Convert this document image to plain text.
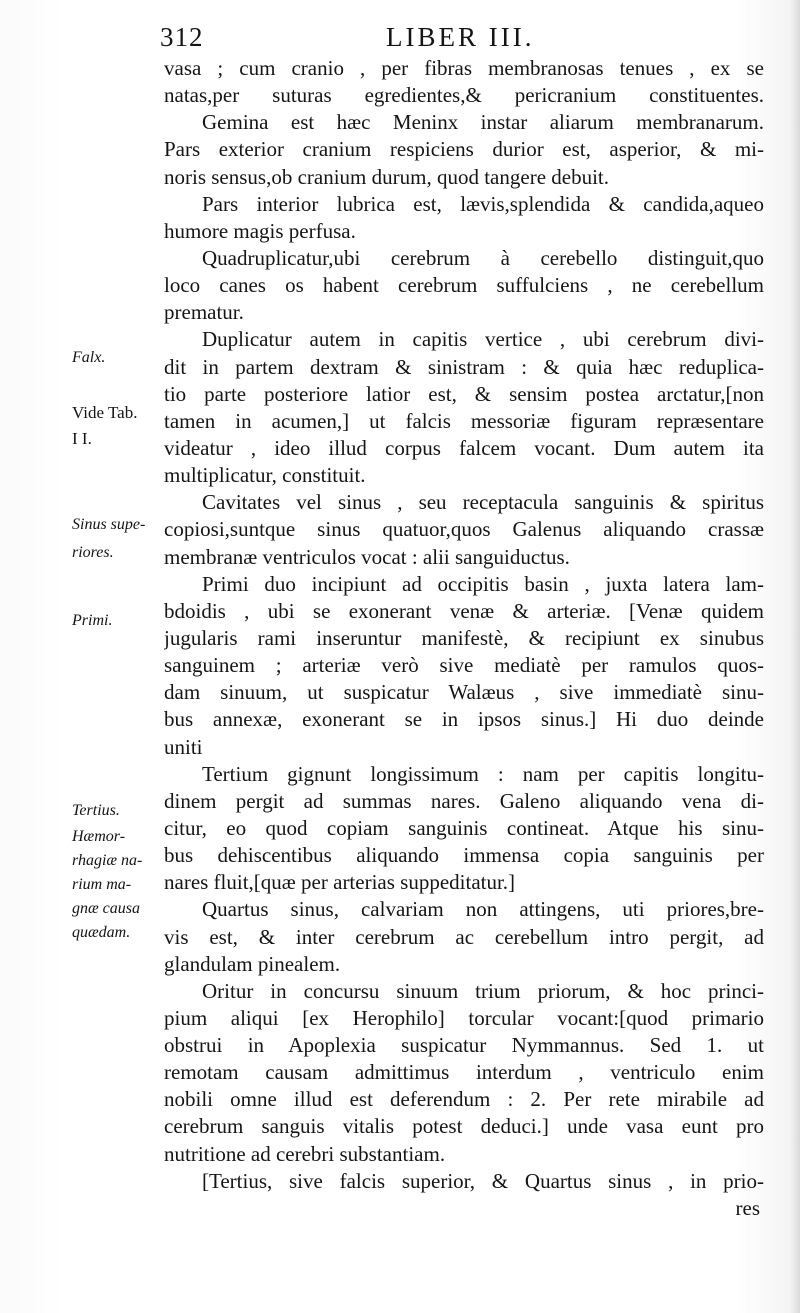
312	LIBER III.
Falx.
Vide Tab.
I I.
Sinus supe-
riores.
Primi.
Tertius.
Hæmor-
rhagiæ na-
rium ma-
gnæ causa
quædam.
vasa ; cum cranio , per fibras membranosas tenues , ex se
natas,per suturas egredientes,& pericranium constituentes.
Gemina est hæc Meninx instar aliarum membranarum.
Pars exterior cranium respiciens durior est, asperior, & mi-
noris sensus,ob cranium durum, quod tangere debuit.
Pars interior lubrica est, lævis,splendida & candida,aqueo
humore magis perfusa.
Quadruplicatur,ubi cerebrum à cerebello distinguit,quo
loco canes os habent cerebrum suffulciens , ne cerebellum
prematur.
Duplicatur autem in capitis vertice , ubi cerebrum divi-
dit in partem dextram & sinistram : & quia hæc reduplica-
tio parte posteriore latior est, & sensim postea arctatur,[non
tamen in acumen,] ut falcis messoriæ figuram repræsentare
videatur , ideo illud corpus falcem vocant. Dum autem ita
multiplicatur, constituit.
Cavitates vel sinus , seu receptacula sanguinis & spiritus
copiosi,suntque sinus quatuor,quos Galenus aliquando crassæ
membranæ ventriculos vocat : alii sanguiductus.
Primi duo incipiunt ad occipitis basin , juxta latera lam-
bdoidis , ubi se exonerant venæ & arteriæ. [Venæ quidem
jugularis rami inseruntur manifestè, & recipiunt ex sinubus
sanguinem ; arteriæ verò sive mediatè per ramulos quos-
dam sinuum, ut suspicatur Walæus , sive immediatè sinu-
bus annexæ, exonerant se in ipsos sinus.] Hi duo deinde
uniti
Tertium gignunt longissimum : nam per capitis longitu-
dinem pergit ad summas nares. Galeno aliquando vena di-
citur, eo quod copiam sanguinis contineat. Atque his sinu-
bus dehiscentibus aliquando immensa copia sanguinis per
nares fluit,[quæ per arterias suppeditatur.]
Quartus sinus, calvariam non attingens, uti priores,bre-
vis est, & inter cerebrum ac cerebellum intro pergit, ad
glandulam pinealem.
Oritur in concursu sinuum trium priorum, & hoc princi-
pium aliqui [ex Herophilo] torcular vocant:[quod primario
obstrui in Apoplexia suspicatur Nymmannus. Sed 1. ut
remotam causam admittimus interdum , ventriculo enim
nobili omne illud est deferendum : 2. Per rete mirabile ad
cerebrum sanguis vitalis potest deduci.] unde vasa eunt pro
nutritione ad cerebri substantiam.
[Tertius, sive falcis superior, & Quartus sinus , in prio-
res
